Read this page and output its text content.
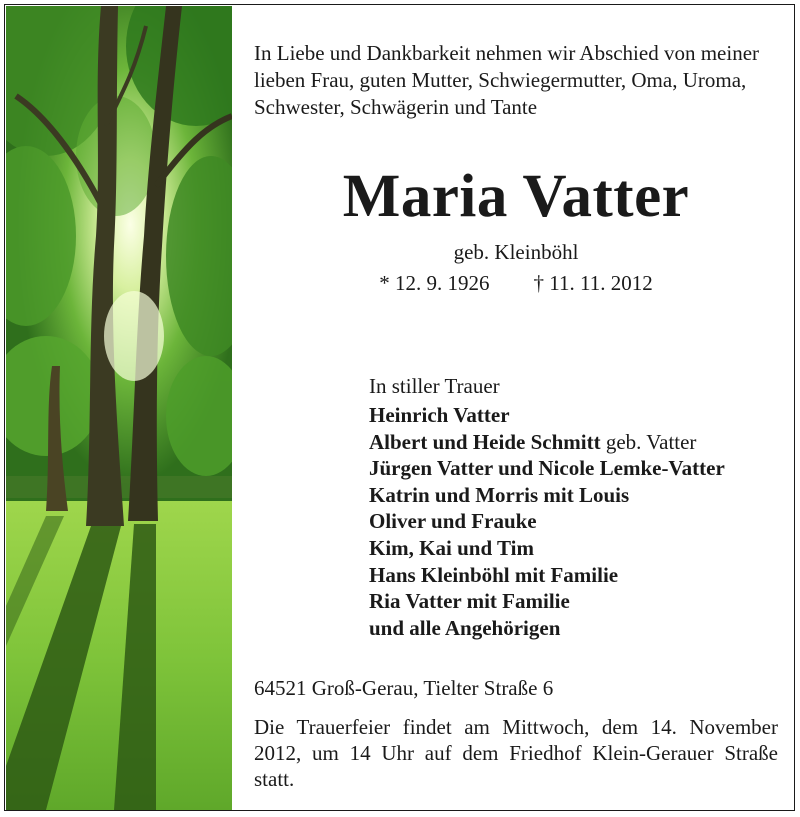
In Liebe und Dankbarkeit nehmen wir Abschied von meiner lieben Frau, guten Mutter, Schwiegermutter, Oma, Uroma, Schwester, Schwägerin und Tante

Maria Vatter
geb. Kleinböhl
* 12. 9. 1926 † 11. 11. 2012

In stiller Trauer

Heinrich Vatter
Albert und Heide Schmitt geb. Vatter
Jürgen Vatter und Nicole Lemke-Vatter
Katrin und Morris mit Louis
Oliver und Frauke
Kim, Kai und Tim
Hans Kleinböhl mit Familie
Ria Vatter mit Familie
und alle Angehörigen
64521 Groß-Gerau, Tielter Straße 6

Die Trauerfeier findet am Mittwoch, dem 14. November 2012, um 14 Uhr auf dem Friedhof Klein-Gerauer Straße statt.
